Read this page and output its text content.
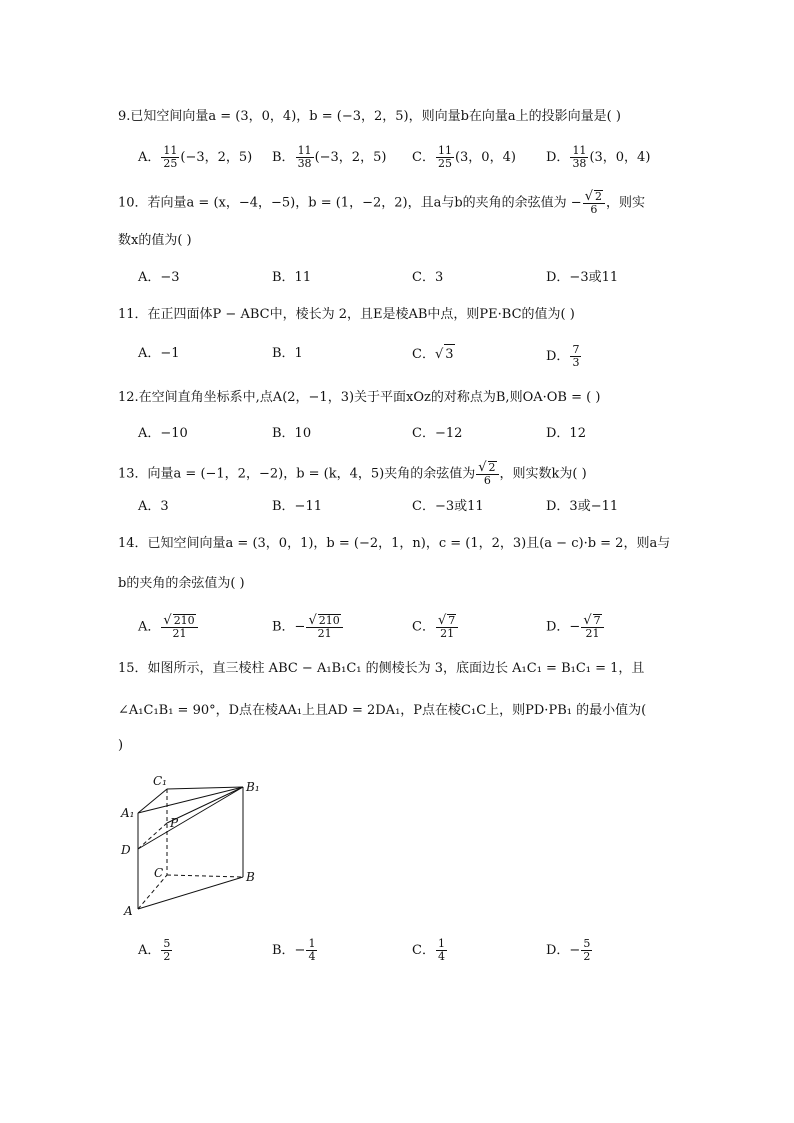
9.已知空间向量a = (3，0，4)，b = (−3，2，5)，则向量b在向量a上的投影向量是( )
A． $\frac{11}{25} (-3$，2，5) B． $\frac{11}{38} (-3$，2，5) C． $\frac{11}{25} (3$，0，4) D． $\frac{11}{38} (3$，0，4)
10．若向量a = (x，−4，−5)，b = (1，−2，2)，且a与b的夹角的余弦值为 − $\frac{√ 2}{6}$ ，则实
数x的值为( )
A．−3	B．11	C．3	D．−3或11
11．在正四面体P − ABC中，棱长为 2，且E是棱AB中点，则PE·BC的值为( )
A．−1	B．1	C．√ 3	D． $\frac{7}{3}$
12.在空间直角坐标系中,点A(2，−1，3)关于平面xOz的对称点为B,则OA·OB = ( )
A．−10	B．10	C．−12	D．12
13．向量a = (−1，2，−2)，b = (k，4，5)夹角的余弦值为 $\frac{√ 2}{6}$ ，则实数k为( )
A．3	B．−11	C．−3或11	D．3或−11
14．已知空间向量a = (3，0，1)，b = (−2，1，n)，c = (1，2，3)且(a − c)·b = 2，则a与
b的夹角的余弦值为( )
A． $\frac{√ 210}{21}$	B．− $\frac{√ 210}{21}$	C． $\frac{√ 7}{21}$	D．− $\frac{√ 7}{21}$
15．如图所示，直三棱柱 ABC − A₁B₁C₁ 的侧棱长为 3，底面边长 A₁C₁ = B₁C₁ = 1，且
∠A₁C₁B₁ = 90°，D点在棱AA₁上且AD = 2DA₁，P点在棱C₁C上，则PD·PB₁ 的最小值为(
)
C₁	B₁
A₁
P
D
C	B
A
A． $\frac{5}{2}$	B．− $\frac{1}{4}$	C． $\frac{1}{4}$	D．− $\frac{5}{2}$
